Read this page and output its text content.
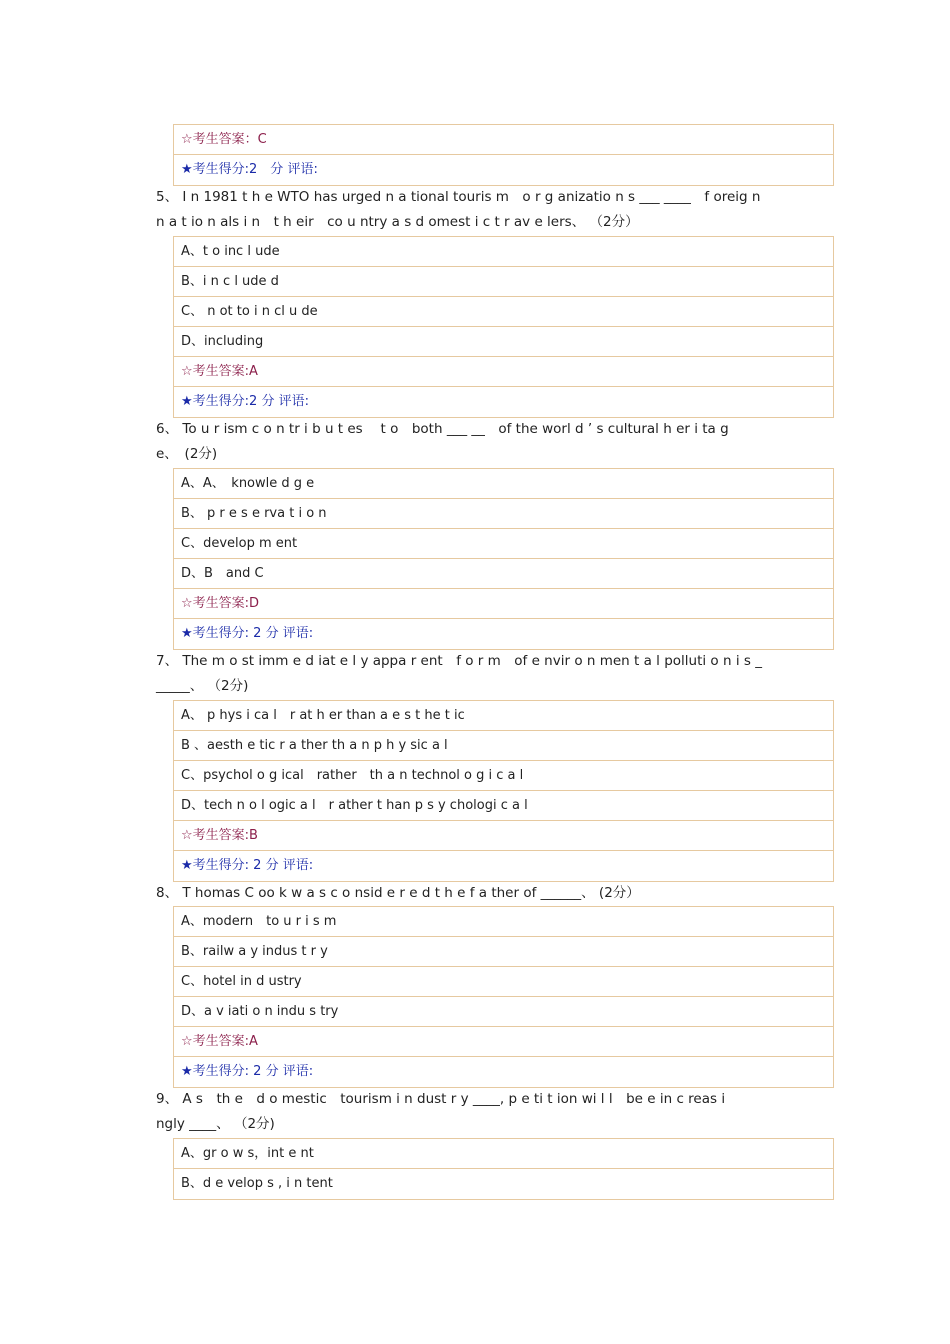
☆考生答案：C
★考生得分:2　分 评语:
5、 I n 1981 t h e WTO has urged n a tional touris m　o r g anizatio n s ___ ____　f oreig n
n a t io n als i n　t h eir　co u ntry a s d omest i c t r av e lers、 （2分）
A、t o inc l ude
B、i n c l ude d
C、 n ot to i n cl u de
D、including
☆考生答案:A
★考生得分:2 分 评语:
6、 To u r ism c o n tr i b u t es　 t o　both ___ __　of the worl d ’ s cultural h er i ta g
e、　(2分)
A、A、　knowle d g e
B、 p r e s e rva t i o n
C、develop m ent
D、B　and C
☆考生答案:D
★考生得分: 2 分 评语:
7、 The m o st imm e d iat e l y appa r ent　f o r m　of e nvir o n men t a l polluti o n i s _
_____、 （2分)
A、 p hys i ca l　r at h er than a e s t he t ic
B 、aesth e tic r a ther th a n p h y sic a l
C、psychol o g ical　rather　th a n technol o g i c a l
D、tech n o l ogic a l　r ather t han p s y chologi c a l
☆考生答案:B
★考生得分: 2 分 评语:
8、 T homas C oo k w a s c o nsid e r e d t h e f a ther of ______、 (2分）
A、modern　to u r i s m
B、railw a y indus t r y
C、hotel in d ustry
D、a v iati o n indu s try
☆考生答案:A
★考生得分: 2 分 评语:
9、 A s　th e　d o mestic　tourism i n dust r y ____, p e ti t ion wi l l　be e in c reas i
ngly ____、 （2分)
A、gr o w s，int e nt
B、d e velop s , i n tent
